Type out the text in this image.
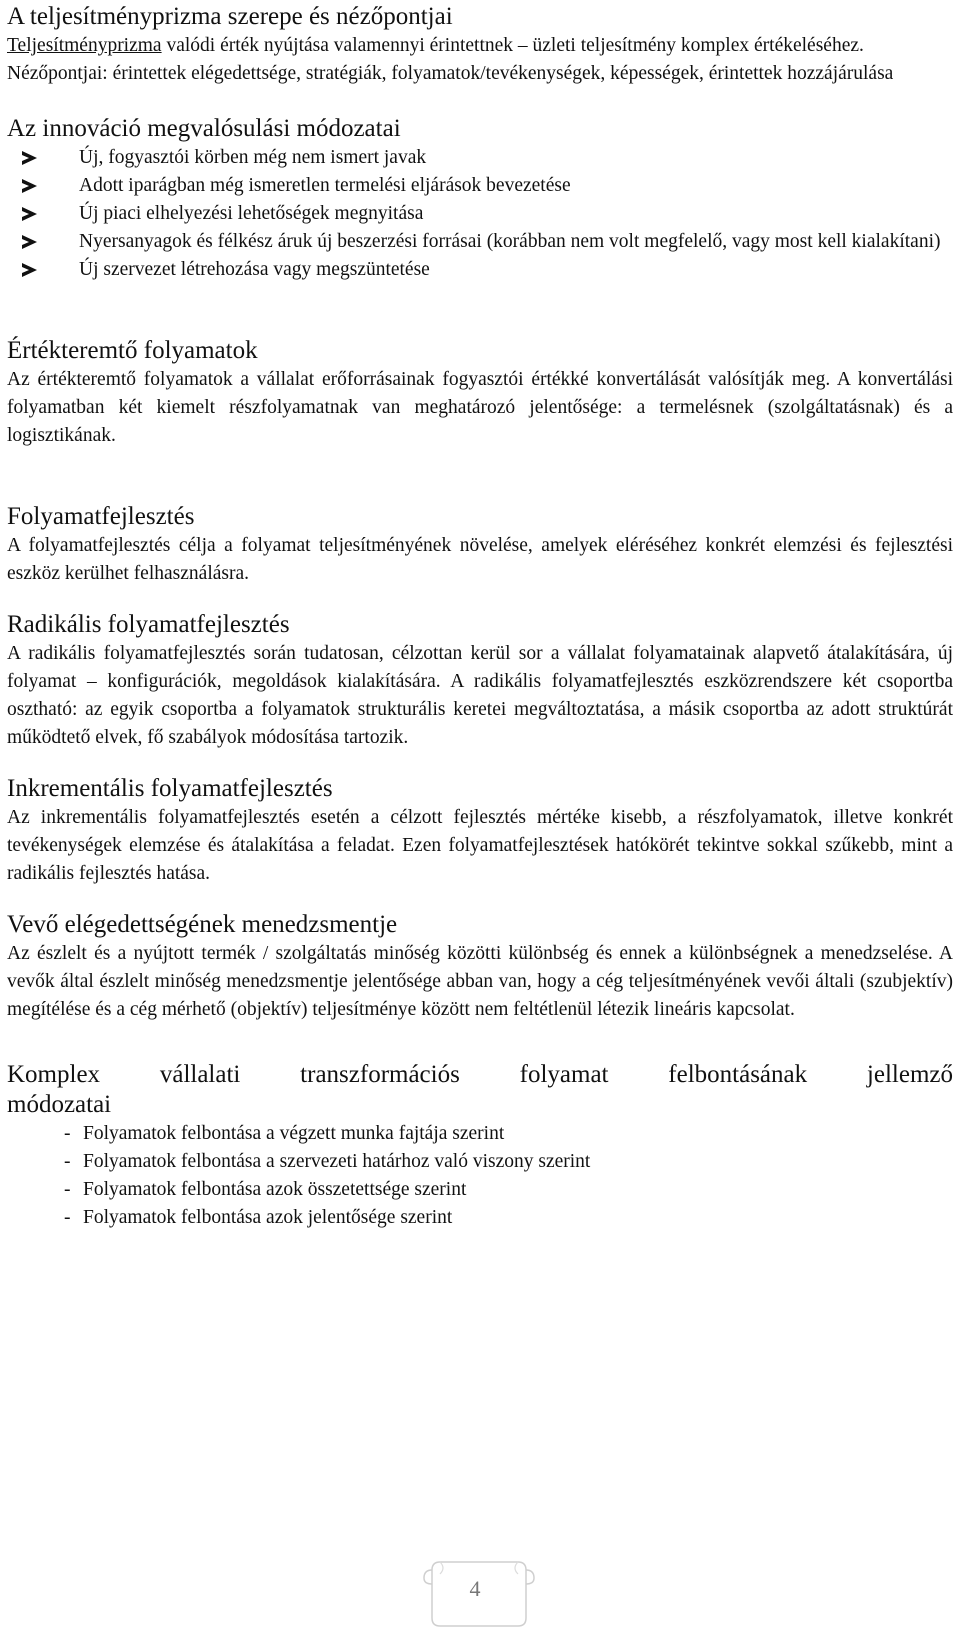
A teljesítményprizma szerepe és nézőpontjai

Teljesítményprizma valódi érték nyújtása valamennyi érintettnek – üzleti teljesítmény komplex értékeléséhez.

Nézőpontjai: érintettek elégedettsége, stratégiák, folyamatok/tevékenységek, képességek, érintettek hozzájárulása

Az innováció megvalósulási módozatai
Új, fogyasztói körben még nem ismert javak
Adott iparágban még ismeretlen termelési eljárások bevezetése
Új piaci elhelyezési lehetőségek megnyitása
Nyersanyagok és félkész áruk új beszerzési forrásai (korábban nem volt megfelelő, vagy most kell kialakítani)
Új szervezet létrehozása vagy megszüntetése
Értékteremtő folyamatok

Az értékteremtő folyamatok a vállalat erőforrásainak fogyasztói értékké konvertálását valósítják meg. A konvertálási folyamatban két kiemelt részfolyamatnak van meghatározó jelentősége: a termelésnek (szolgáltatásnak) és a logisztikának.

Folyamatfejlesztés

A folyamatfejlesztés célja a folyamat teljesítményének növelése, amelyek eléréséhez konkrét elemzési és fejlesztési eszköz kerülhet felhasználásra.

Radikális folyamatfejlesztés

A radikális folyamatfejlesztés során tudatosan, célzottan kerül sor a vállalat folyamatainak alapvető átalakítására, új folyamat – konfigurációk, megoldások kialakítására. A radikális folyamatfejlesztés eszközrendszere két csoportba osztható: az egyik csoportba a folyamatok strukturális keretei megváltoztatása, a másik csoportba az adott struktúrát működtető elvek, fő szabályok módosítása tartozik.

Inkrementális folyamatfejlesztés

Az inkrementális folyamatfejlesztés esetén a célzott fejlesztés mértéke kisebb, a részfolyamatok, illetve konkrét tevékenységek elemzése és átalakítása a feladat. Ezen folyamatfejlesztések hatókörét tekintve sokkal szűkebb, mint a radikális fejlesztés hatása.

Vevő elégedettségének menedzsmentje

Az észlelt és a nyújtott termék / szolgáltatás minőség közötti különbség és ennek a különbségnek a menedzselése. A vevők által észlelt minőség menedzsmentje jelentősége abban van, hogy a cég teljesítményének vevői általi (szubjektív) megítélése és a cég mérhető (objektív) teljesítménye között nem feltétlenül létezik lineáris kapcsolat.

Komplex vállalati transzformációs folyamat felbontásának jellemző
módozatai
- Folyamatok felbontása a végzett munka fajtája szerint
- Folyamatok felbontása a szervezeti határhoz való viszony szerint
- Folyamatok felbontása azok összetettsége szerint
- Folyamatok felbontása azok jelentősége szerint
4
